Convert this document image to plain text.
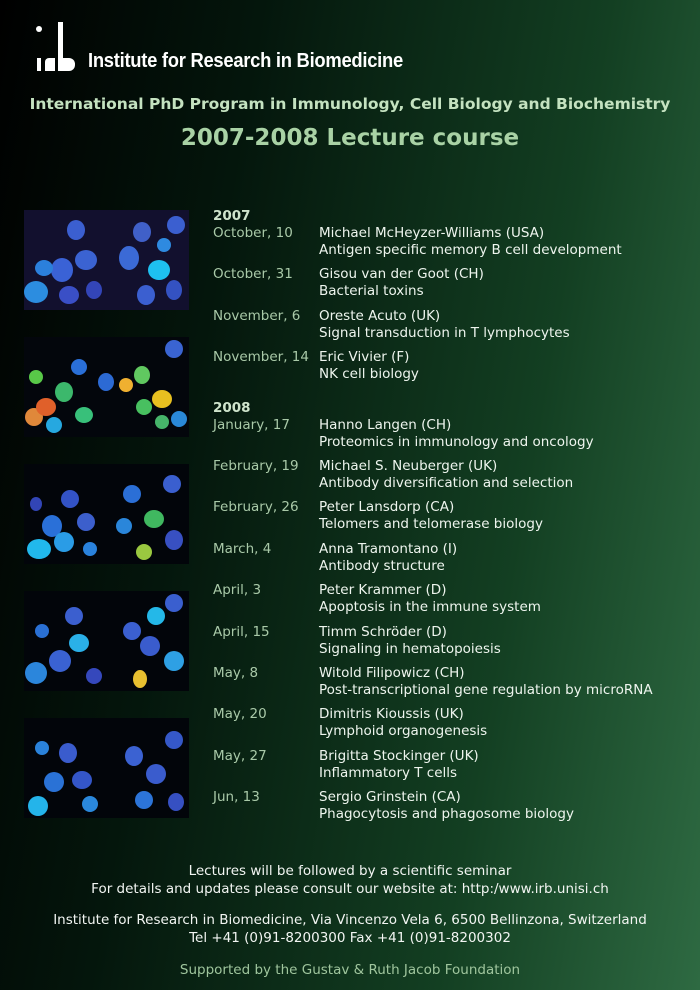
Institute for Research in Biomedicine
International PhD Program in Immunology, Cell Biology and Biochemistry
2007-2008 Lecture course
2007
October, 10	Michael McHeyzer-Williams (USA)
Antigen specific memory B cell development
October, 31	Gisou van der Goot (CH)
Bacterial toxins
November, 6	Oreste Acuto (UK)
Signal transduction in T lymphocytes
November, 14 Eric Vivier (F)
NK cell biology
2008
January, 17	Hanno Langen (CH)
Proteomics in immunology and oncology
February, 19	Michael S. Neuberger (UK)
Antibody diversification and selection
February, 26	Peter Lansdorp (CA)
Telomers and telomerase biology
March, 4	Anna Tramontano (I)
Antibody structure
April, 3	Peter Krammer (D)
Apoptosis in the immune system
April, 15	Timm Schröder (D)
Signaling in hematopoiesis
May, 8	Witold Filipowicz (CH)
Post-transcriptional gene regulation by microRNA
May, 20	Dimitris Kioussis (UK)
Lymphoid organogenesis
May, 27	Brigitta Stockinger (UK)
Inflammatory T cells
Jun, 13	Sergio Grinstein (CA)
Phagocytosis and phagosome biology
Lectures will be followed by a scientific seminar
For details and updates please consult our website at: http:/www.irb.unisi.ch
Institute for Research in Biomedicine, Via Vincenzo Vela 6, 6500 Bellinzona, Switzerland
Tel +41 (0)91-8200300 Fax +41 (0)91-8200302
Supported by the Gustav & Ruth Jacob Foundation
